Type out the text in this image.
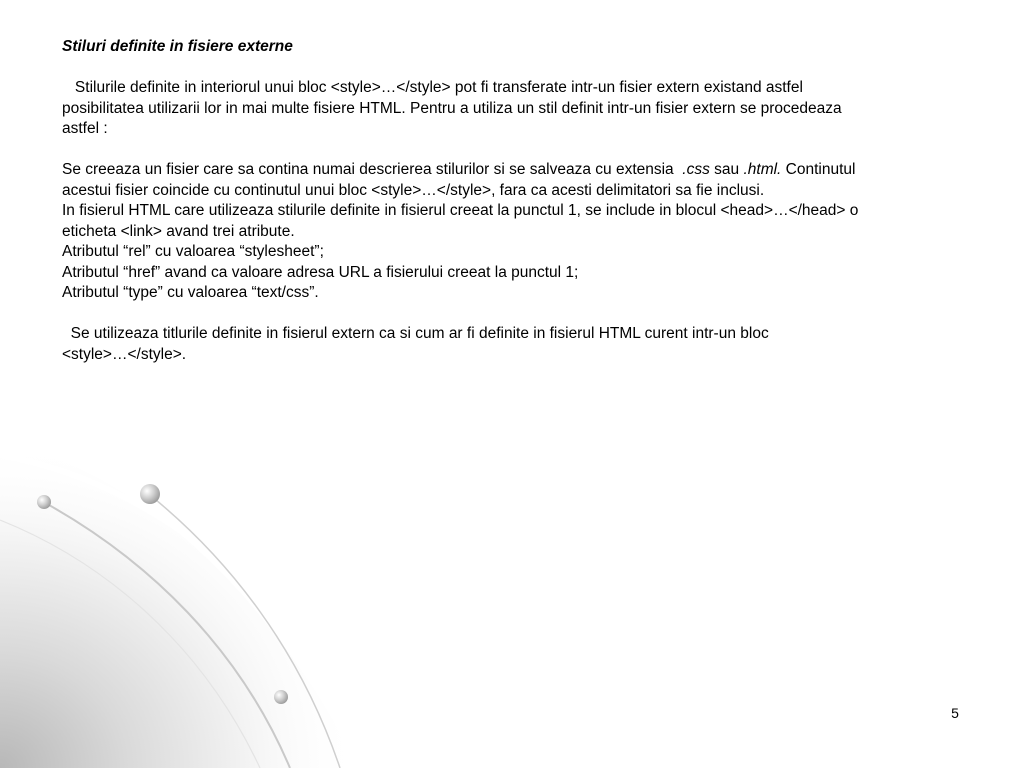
Stiluri definite in fisiere externe

Stilurile definite in interiorul unui bloc <style>…</style> pot fi transferate intr-un fisier extern existand astfel

posibilitatea utilizarii lor in mai multe fisiere HTML. Pentru a utiliza un stil definit intr-un fisier extern se procedeaza

astfel :

Se creeaza un fisier care sa contina numai descrierea stilurilor si se salveaza cu extensia  .css sau .html. Continutul

acestui fisier coincide cu continutul unui bloc <style>…</style>, fara ca acesti delimitatori sa fie inclusi.

In fisierul HTML care utilizeaza stilurile definite in fisierul creeat la punctul 1, se include in blocul <head>…</head> o

eticheta <link> avand trei atribute.

Atributul “rel” cu valoarea “stylesheet”;

Atributul “href” avand ca valoare adresa URL a fisierului creeat la punctul 1;

Atributul “type” cu valoarea “text/css”.

Se utilizeaza titlurile definite in fisierul extern ca si cum ar fi definite in fisierul HTML curent intr-un bloc

<style>…</style>.

5
